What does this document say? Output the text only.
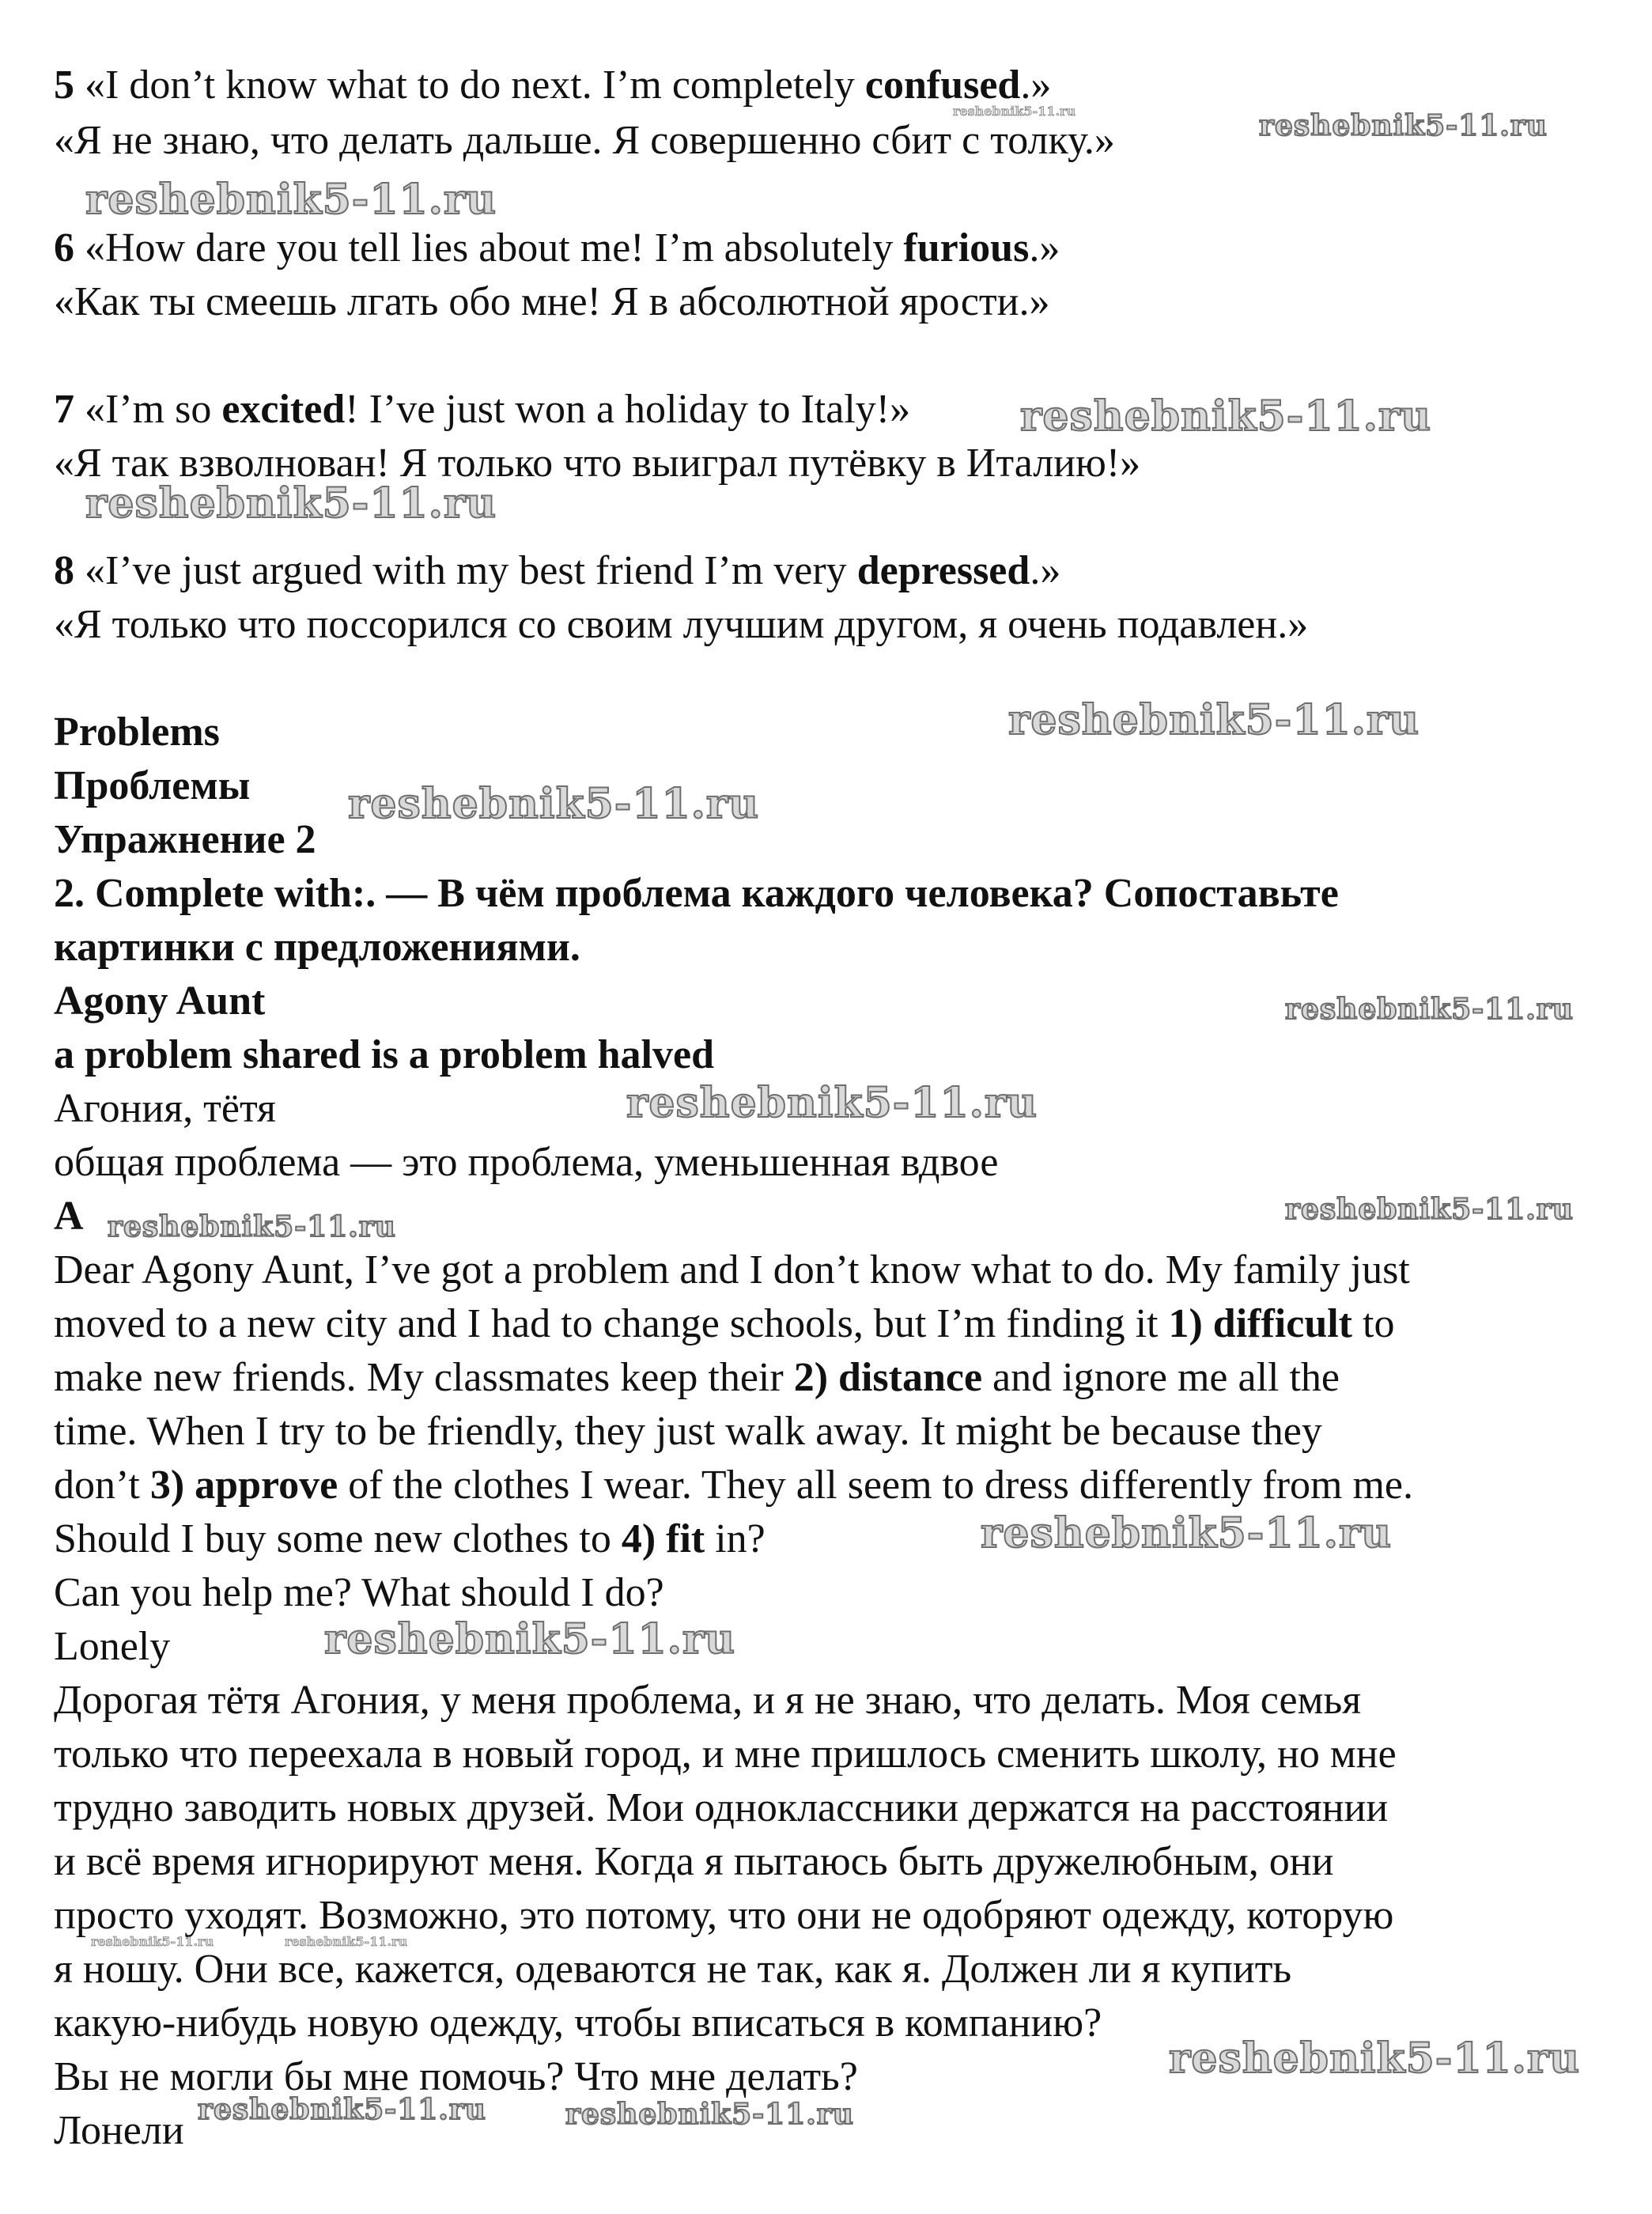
5 «I don’t know what to do next. I’m completely confused.»
«Я не знаю, что делать дальше. Я совершенно сбит с толку.»
6 «How dare you tell lies about me! I’m absolutely furious.»
«Как ты смеешь лгать обо мне! Я в абсолютной ярости.»
7 «I’m so excited! I’ve just won a holiday to Italy!»
«Я так взволнован! Я только что выиграл путёвку в Италию!»
8 «I’ve just argued with my best friend I’m very depressed.»
«Я только что поссорился со своим лучшим другом, я очень подавлен.»
Problems
Проблемы
Упражнение 2
2. Complete with:. — В чём проблема каждого человека? Сопоставьте
картинки с предложениями.
Agony Aunt
a problem shared is a problem halved
Агония, тётя
общая проблема — это проблема, уменьшенная вдвое
A
Dear Agony Aunt, I’ve got a problem and I don’t know what to do. My family just
moved to a new city and I had to change schools, but I’m finding it 1) difficult to
make new friends. My classmates keep their 2) distance and ignore me all the
time. When I try to be friendly, they just walk away. It might be because they
don’t 3) approve of the clothes I wear. They all seem to dress differently from me.
Should I buy some new clothes to 4) fit in?
Can you help me? What should I do?
Lonely
Дорогая тётя Агония, у меня проблема, и я не знаю, что делать. Моя семья
только что переехала в новый город, и мне пришлось сменить школу, но мне
трудно заводить новых друзей. Мои одноклассники держатся на расстоянии
и всё время игнорируют меня. Когда я пытаюсь быть дружелюбным, они
просто уходят. Возможно, это потому, что они не одобряют одежду, которую
я ношу. Они все, кажется, одеваются не так, как я. Должен ли я купить
какую-нибудь новую одежду, чтобы вписаться в компанию?
Вы не могли бы мне помочь? Что мне делать?
Лонели
reshebnik5-11.ru	reshebnik5-11.ru
reshebnik5-11.ru
reshebnik5-11.ru
reshebnik5-11.ru
reshebnik5-11.ru
reshebnik5-11.ru
reshebnik5-11.ru
reshebnik5-11.ru
reshebnik5-11.ru
reshebnik5-11.ru
reshebnik5-11.ru
reshebnik5-11.ru
reshebnik5-11.ru	reshebnik5-11.ru
reshebnik5-11.ru
reshebnik5-11.ru	reshebnik5-11.ru
